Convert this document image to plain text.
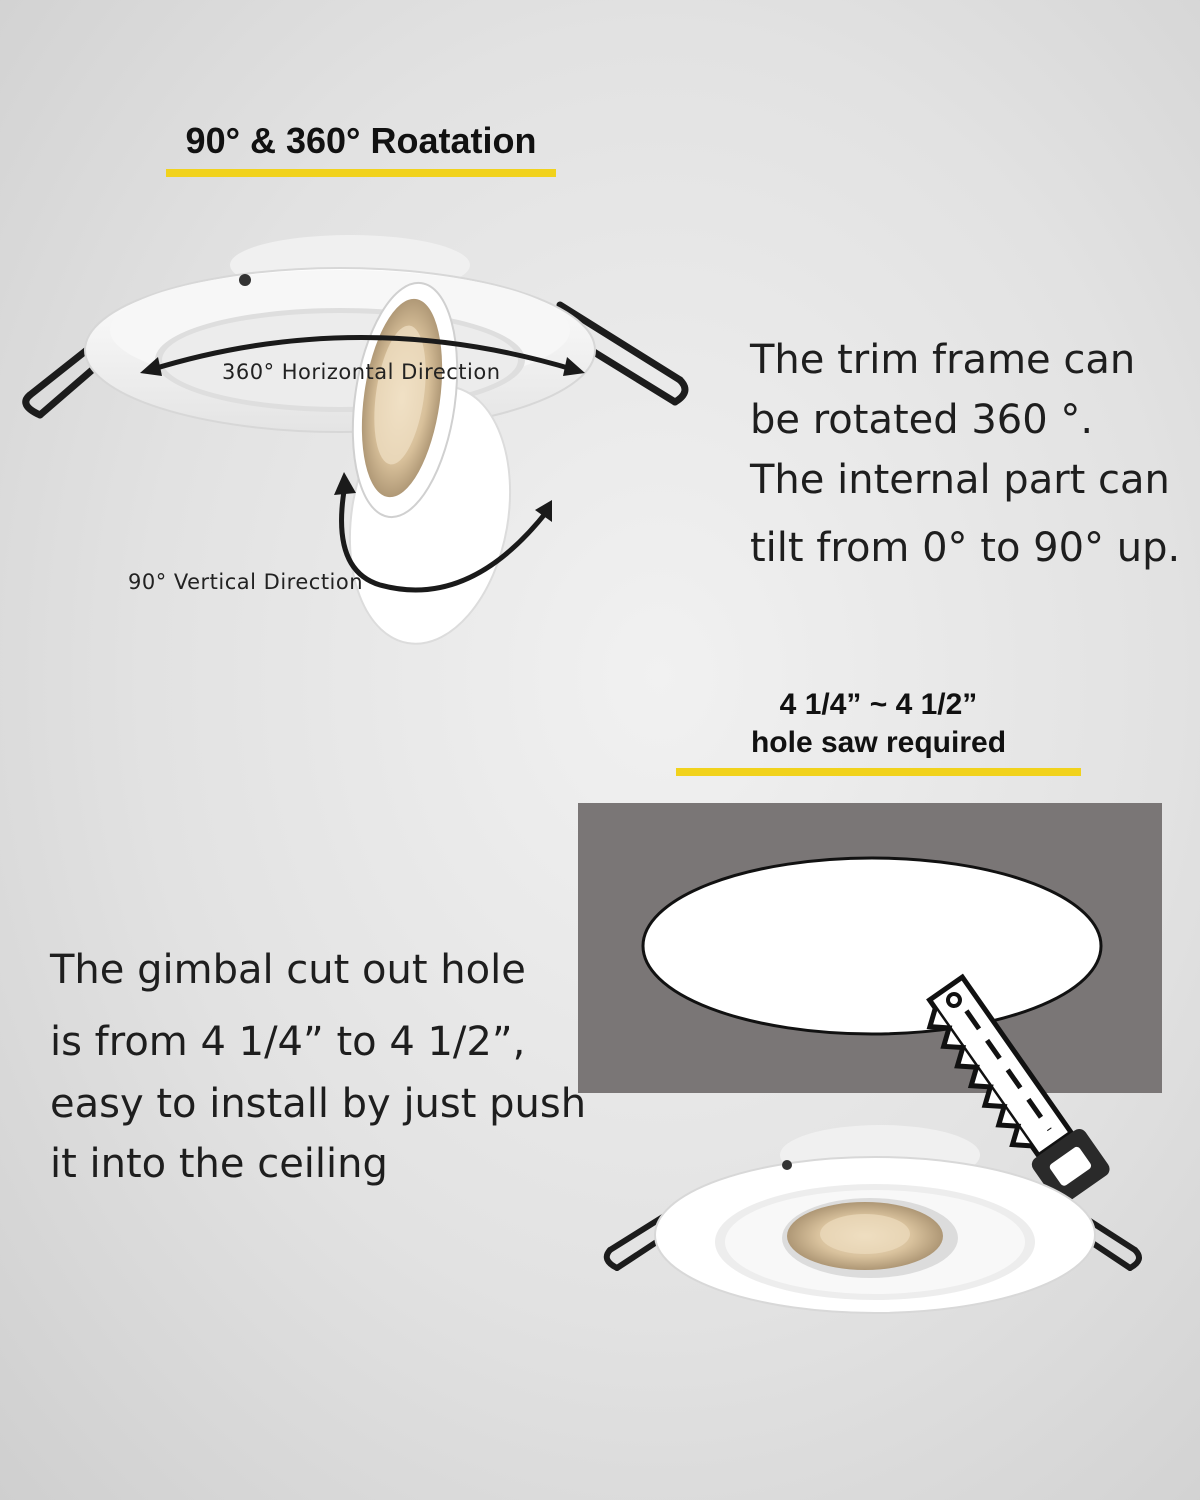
90° & 360° Roatation
360° Horizontal Direction
90° Vertical Direction
The trim frame can
be rotated 360 °.
The internal part can
tilt from 0° to 90° up.
4 1/4” ~ 4 1/2”
hole saw required
The gimbal cut out hole
is from 4 1/4” to 4 1/2”,
easy to install by just push
it into the ceiling
